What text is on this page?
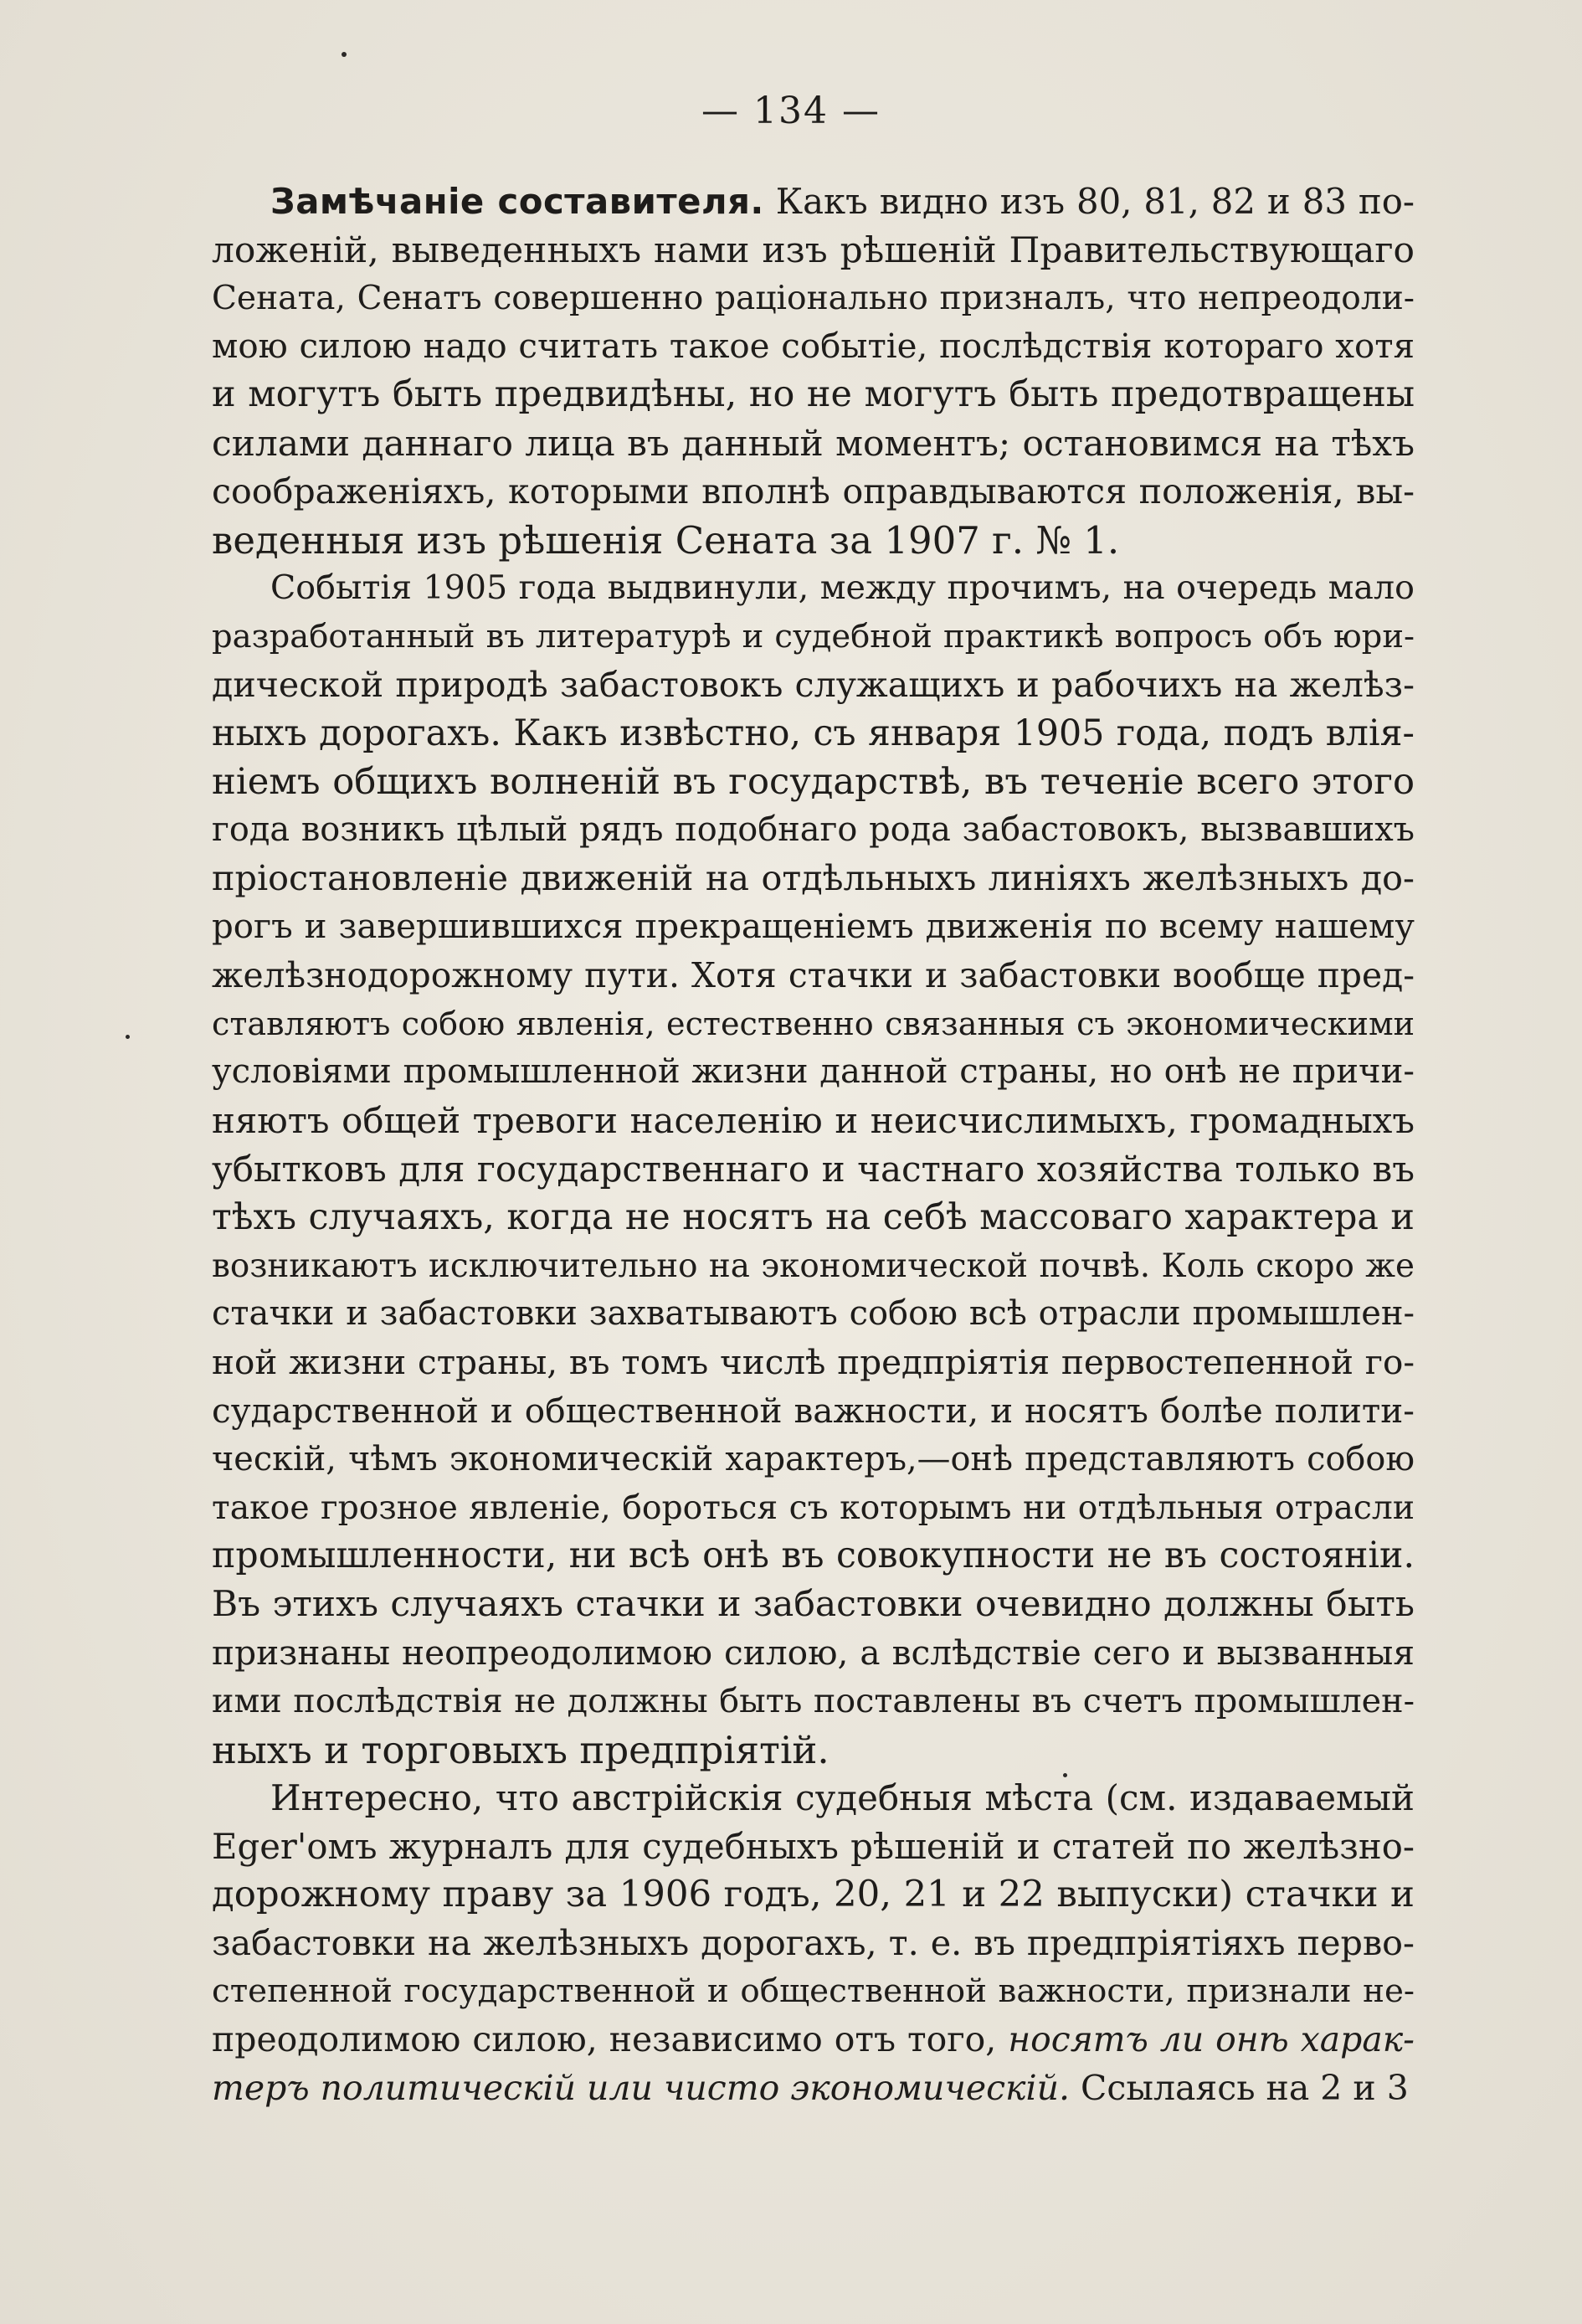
— 134 —
Замѣчаніе составителя. Какъ видно изъ 80, 81, 82 и 83 по-
ложеній, выведенныхъ нами изъ рѣшеній Правительствующаго
Сената, Сенатъ совершенно раціонально призналъ, что непреодоли-
мою силою надо считать такое событіе, послѣдствія котораго хотя
и могутъ быть предвидѣны, но не могутъ быть предотвращены
силами даннаго лица въ данный моментъ; остановимся на тѣхъ
соображеніяхъ, которыми вполнѣ оправдываются положенія, вы-
веденныя изъ рѣшенія Сената за 1907 г. № 1.
Событія 1905 года выдвинули, между прочимъ, на очередь мало
разработанный въ литературѣ и судебной практикѣ вопросъ объ юри-
дической природѣ забастовокъ служащихъ и рабочихъ на желѣз-
ныхъ дорогахъ. Какъ извѣстно, съ января 1905 года, подъ влія-
ніемъ общихъ волненій въ государствѣ, въ теченіе всего этого
года возникъ цѣлый рядъ подобнаго рода забастовокъ, вызвавшихъ
пріостановленіе движеній на отдѣльныхъ линіяхъ желѣзныхъ до-
рогъ и завершившихся прекращеніемъ движенія по всему нашему
желѣзнодорожному пути. Хотя стачки и забастовки вообще пред-
ставляютъ собою явленія, естественно связанныя съ экономическими
условіями промышленной жизни данной страны, но онѣ не причи-
няютъ общей тревоги населенію и неисчислимыхъ, громадныхъ
убытковъ для государственнаго и частнаго хозяйства только въ
тѣхъ случаяхъ, когда не носятъ на себѣ массоваго характера и
возникаютъ исключительно на экономической почвѣ. Коль скоро же
стачки и забастовки захватываютъ собою всѣ отрасли промышлен-
ной жизни страны, въ томъ числѣ предпріятія первостепенной го-
сударственной и общественной важности, и носятъ болѣе полити-
ческій, чѣмъ экономическій характеръ,—онѣ представляютъ собою
такое грозное явленіе, бороться съ которымъ ни отдѣльныя отрасли
промышленности, ни всѣ онѣ въ совокупности не въ состояніи.
Въ этихъ случаяхъ стачки и забастовки очевидно должны быть
признаны неопреодолимою силою, а вслѣдствіе сего и вызванныя
ими послѣдствія не должны быть поставлены въ счетъ промышлен-
ныхъ и торговыхъ предпріятій.
Интересно, что австрійскія судебныя мѣста (см. издаваемый
Eger'омъ журналъ для судебныхъ рѣшеній и статей по желѣзно-
дорожному праву за 1906 годъ, 20, 21 и 22 выпуски) стачки и
забастовки на желѣзныхъ дорогахъ, т. е. въ предпріятіяхъ перво-
степенной государственной и общественной важности, признали не-
преодолимою силою, независимо отъ того, носятъ ли онѣ харак-
теръ политическій или чисто экономическій. Ссылаясь на 2 и 3
